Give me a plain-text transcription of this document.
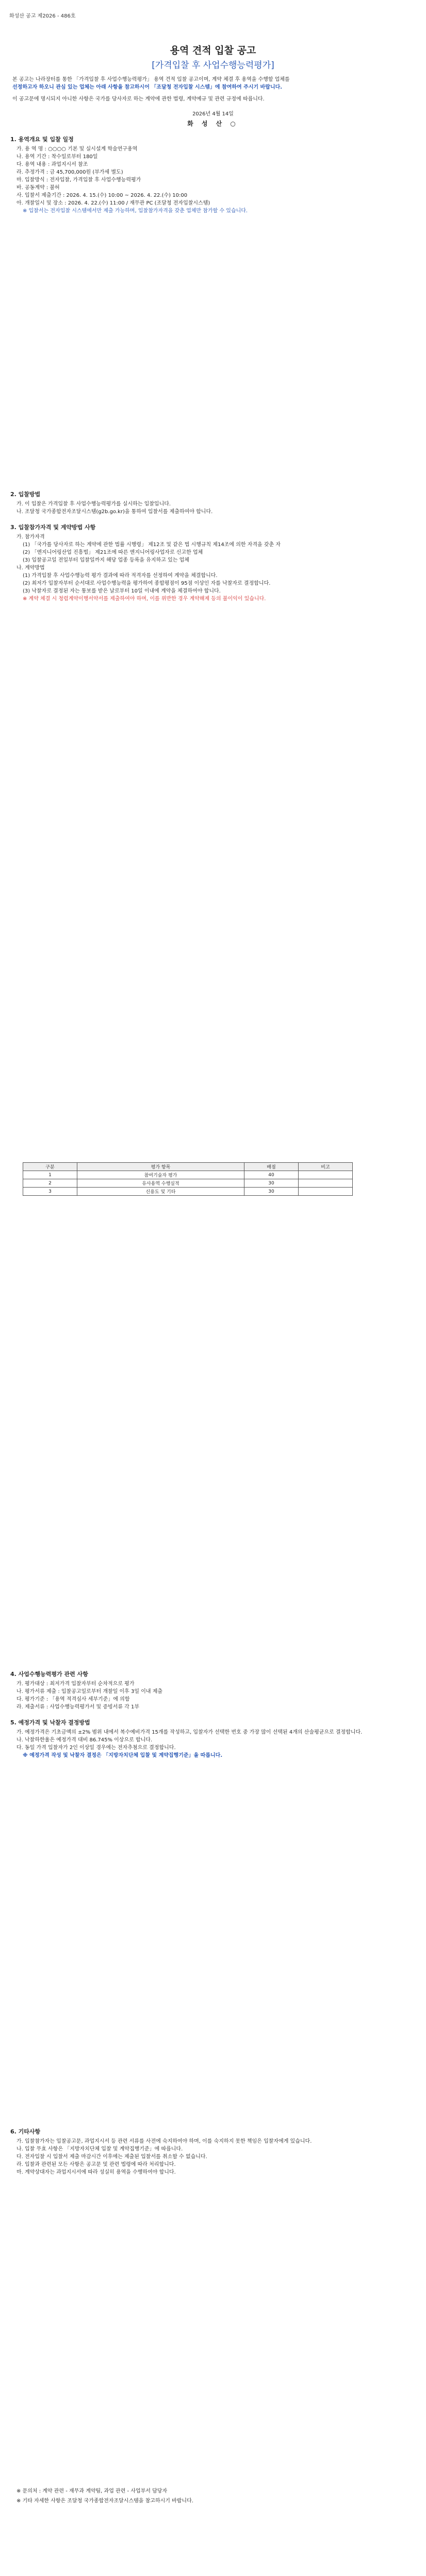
화성산 공고 제2026 - 486호
용역 견적 입찰 공고
[가격입찰 후 사업수행능력평가]
본 공고는 나라장터를 통한 「가격입찰 후 사업수행능력평가」 용역 견적 입찰 공고이며, 계약 체결 후 용역을 수행할 업체를
선정하고자 하오니 관심 있는 업체는 아래 사항을 참고하시어 「조달청 전자입찰 시스템」에 참여하여 주시기 바랍니다.
이 공고문에 명시되지 아니한 사항은 국가를 당사자로 하는 계약에 관한 법령, 계약예규 및 관련 규정에 따릅니다.
2026년 4월 14일
화 성 산 ○
1. 용역개요 및 입찰 일정
가. 용 역 명 : ○○○○ 기본 및 실시설계 학술연구용역
나. 용역 기간 : 착수일로부터 180일
다. 용역 내용 : 과업지시서 참조
라. 추정가격 : 금 45,700,000원 (부가세 별도)
마. 입찰방식 : 전자입찰, 가격입찰 후 사업수행능력평가
바. 공동계약 : 불허
사. 입찰서 제출기간 : 2026. 4. 15.(수) 10:00 ~ 2026. 4. 22.(수) 10:00
아. 개찰일시 및 장소 : 2026. 4. 22.(수) 11:00 / 재무관 PC (조달청 전자입찰시스템)
※ 입찰서는 전자입찰 시스템에서만 제출 가능하며, 입찰참가자격을 갖춘 업체만 참가할 수 있습니다.
2. 입찰방법
가. 이 입찰은 가격입찰 후 사업수행능력평가를 실시하는 입찰입니다.
나. 조달청 국가종합전자조달시스템(g2b.go.kr)을 통하여 입찰서를 제출하여야 합니다.
3. 입찰참가자격 및 계약방법 사항
가. 참가자격
(1) 「국가를 당사자로 하는 계약에 관한 법률 시행령」 제12조 및 같은 법 시행규칙 제14조에 의한 자격을 갖춘 자
(2) 「엔지니어링산업 진흥법」 제21조에 따른 엔지니어링사업자로 신고한 업체
(3) 입찰공고일 전일부터 입찰일까지 해당 업종 등록을 유지하고 있는 업체
나. 계약방법
(1) 가격입찰 후 사업수행능력 평가 결과에 따라 적격자를 선정하여 계약을 체결합니다.
(2) 최저가 입찰자부터 순서대로 사업수행능력을 평가하여 종합평점이 95점 이상인 자를 낙찰자로 결정합니다.
(3) 낙찰자로 결정된 자는 통보를 받은 날로부터 10일 이내에 계약을 체결하여야 합니다.
※ 계약 체결 시 청렴계약이행서약서를 제출하여야 하며, 이를 위반한 경우 계약해제 등의 불이익이 있습니다.
구분	평가 항목	배점	비고
1	참여기술자 평가	40	
2	유사용역 수행실적	30	
3	신용도 및 기타	30	
4. 사업수행능력평가 관련 사항
가. 평가대상 : 최저가격 입찰자부터 순차적으로 평가
나. 평가서류 제출 : 입찰공고일로부터 개찰일 이후 3일 이내 제출
다. 평가기준 : 「용역 적격심사 세부기준」에 의함
라. 제출서류 : 사업수행능력평가서 및 증빙서류 각 1부
5. 예정가격 및 낙찰자 결정방법
가. 예정가격은 기초금액의 ±2% 범위 내에서 복수예비가격 15개를 작성하고, 입찰자가 선택한 번호 중 가장 많이 선택된 4개의 산술평균으로 결정합니다.
나. 낙찰하한율은 예정가격 대비 86.745% 이상으로 합니다.
다. 동일 가격 입찰자가 2인 이상일 경우에는 전자추첨으로 결정합니다.
※ 예정가격 작성 및 낙찰자 결정은 「지방자치단체 입찰 및 계약집행기준」을 따릅니다.
6. 기타사항
가. 입찰참가자는 입찰공고문, 과업지시서 등 관련 서류를 사전에 숙지하여야 하며, 이를 숙지하지 못한 책임은 입찰자에게 있습니다.
나. 입찰 무효 사항은 「지방자치단체 입찰 및 계약집행기준」에 따릅니다.
다. 전자입찰 시 입찰서 제출 마감시간 이후에는 제출된 입찰서를 취소할 수 없습니다.
라. 입찰과 관련된 모든 사항은 공고문 및 관련 법령에 따라 처리합니다.
마. 계약상대자는 과업지시서에 따라 성실히 용역을 수행하여야 합니다.
※ 문의처 : 계약 관련 - 재무과 계약팀, 과업 관련 - 사업부서 담당자
※ 기타 자세한 사항은 조달청 국가종합전자조달시스템을 참고하시기 바랍니다.
